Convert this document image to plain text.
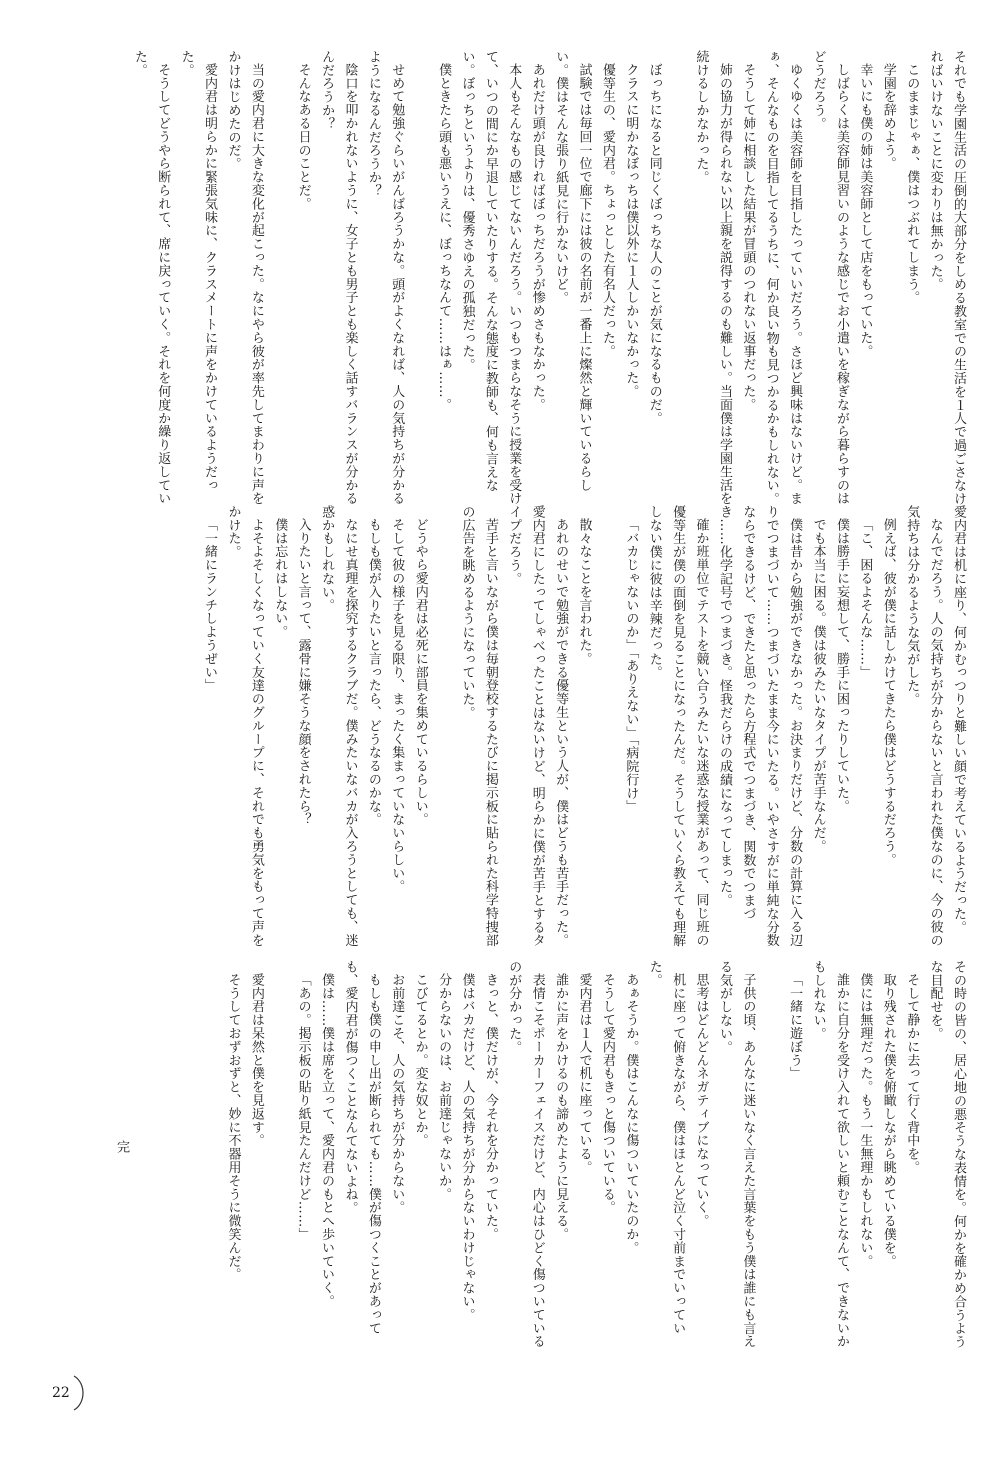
それでも学園生活の圧倒的大部分をしめる教室での生活を１人で過ごさなければいけないことに変わりは無かった。

このままじゃぁ、僕はつぶれてしまう。

学園を辞めよう。

幸いにも僕の姉は美容師として店をもっていた。

しばらくは美容師見習いのような感じでお小遣いを稼ぎながら暮らすのはどうだろう。

ゆくゆくは美容師を目指したっていいだろう。さほど興味はないけど。まぁ、そんなものを目指してるうちに、何か良い物も見つかるかもしれない。

そうして姉に相談した結果が冒頭のつれない返事だった。

姉の協力が得られない以上親を説得するのも難しい。当面僕は学園生活を続けるしかなかった。

ぼっちになると同じくぼっちな人のことが気になるものだ。

クラスに明かなぼっちは僕以外に１人しかいなかった。

優等生の、愛内君。ちょっとした有名人だった。

試験では毎回一位で廊下には彼の名前が一番上に燦然と輝いているらしい。僕はそんな張り紙見に行かないけど。

あれだけ頭が良ければぼっちだろうが惨めさもなかった。

本人もそんなもの感じてないんだろう。いつもつまらなそうに授業を受けて、いつの間にか早退していたりする。そんな態度に教師も、何も言えない。ぼっちというよりは、優秀さゆえの孤独だった。

僕ときたら頭も悪いうえに、ぼっちなんて……はぁ……。

せめて勉強ぐらいがんばろうかな。頭がよくなれば、人の気持ちが分かるようになるんだろうか？

陰口を叩かれないように、女子とも男子とも楽しく話すバランスが分かるんだろうか？

そんなある日のことだ。

当の愛内君に大きな変化が起こった。なにやら彼が率先してまわりに声をかけはじめたのだ。

愛内君は明らかに緊張気味に、クラスメートに声をかけているようだった。

そうしてどうやら断られて、席に戻っていく。それを何度か繰り返していた。

愛内君は机に座り、何かむっつりと難しい顔で考えているようだった。

なんでだろう。人の気持ちが分からないと言われた僕なのに、今の彼の気持ちは分かるような気がした。

例えば、彼が僕に話しかけてきたら僕はどうするだろう。

「こ、困るよそんな……」

僕は勝手に妄想して、勝手に困ったりしていた。

でも本当に困る。僕は彼みたいなタイプが苦手なんだ。

僕は昔から勉強ができなかった。お決まりだけど、分数の計算に入る辺りでつまづいて……つまづいたまま今にいたる。いやさすがに単純な分数ならできるけど、できたと思ったら方程式でつまづき、関数でつまづき……化学記号でつまづき。怪我だらけの成績になってしまった。

確か班単位でテストを競い合うみたいな迷惑な授業があって、同じ班の優等生が僕の面倒を見ることになったんだ。そうしていくら教えても理解しない僕に彼は辛辣だった。

「バカじゃないのか」「ありえない」「病院行け」

散々なことを言われた。

あれのせいで勉強ができる優等生という人が、僕はどうも苦手だった。愛内君にしたってしゃべったことはないけど、明らかに僕が苦手とするタイプだろう。

苦手と言いながら僕は毎朝登校するたびに掲示板に貼られた科学特捜部の広告を眺めるようになっていた。

どうやら愛内君は必死に部員を集めているらしい。

そして彼の様子を見る限り、まったく集まっていないらしい。

もしも僕が入りたいと言ったら、どうなるのかな。

なにせ真理を探究するクラブだ。僕みたいなバカが入ろうとしても、迷惑かもしれない。

入りたいと言って、露骨に嫌そうな顔をされたら？

僕は忘れはしない。

よそよそしくなっていく友達のグループに、それでも勇気をもって声をかけた。

「一緒にランチしようぜい」

その時の皆の、居心地の悪そうな表情を。何かを確かめ合うような目配せを。

そして静かに去って行く背中を。

取り残された僕を俯瞰しながら眺めている僕を。

僕には無理だった。もう一生無理かもしれない。

誰かに自分を受け入れて欲しいと頼むことなんて、できないかもしれない。

「一緒に遊ぼう」

子供の頃、あんなに迷いなく言えた言葉をもう僕は誰にも言える気がしない。

思考はどんどんネガティブになっていく。

机に座って俯きながら、僕はほとんど泣く寸前までいっていた。

あぁそうか。僕はこんなに傷ついていたのか。

そうして愛内君もきっと傷ついている。

愛内君は１人で机に座っている。

誰かに声をかけるのも諦めたように見える。

表情こそポーカーフェイスだけど、内心はひどく傷ついているのが分かった。

きっと、僕だけが、今それを分かっていた。

僕はバカだけど、人の気持ちが分からないわけじゃない。

分からないのは、お前達じゃないか。

こびてるとか。変な奴とか。

お前達こそ、人の気持ちが分からない。

もしも僕の申し出が断られても……僕が傷つくことがあっても、愛内君が傷つくことなんてないよね。

僕は……僕は席を立って、愛内君のもとへ歩いていく。

「あの。掲示板の貼り紙見たんだけど……」

愛内君は呆然と僕を見返す。

そうしておずおずと、妙に不器用そうに微笑んだ。

完
22
